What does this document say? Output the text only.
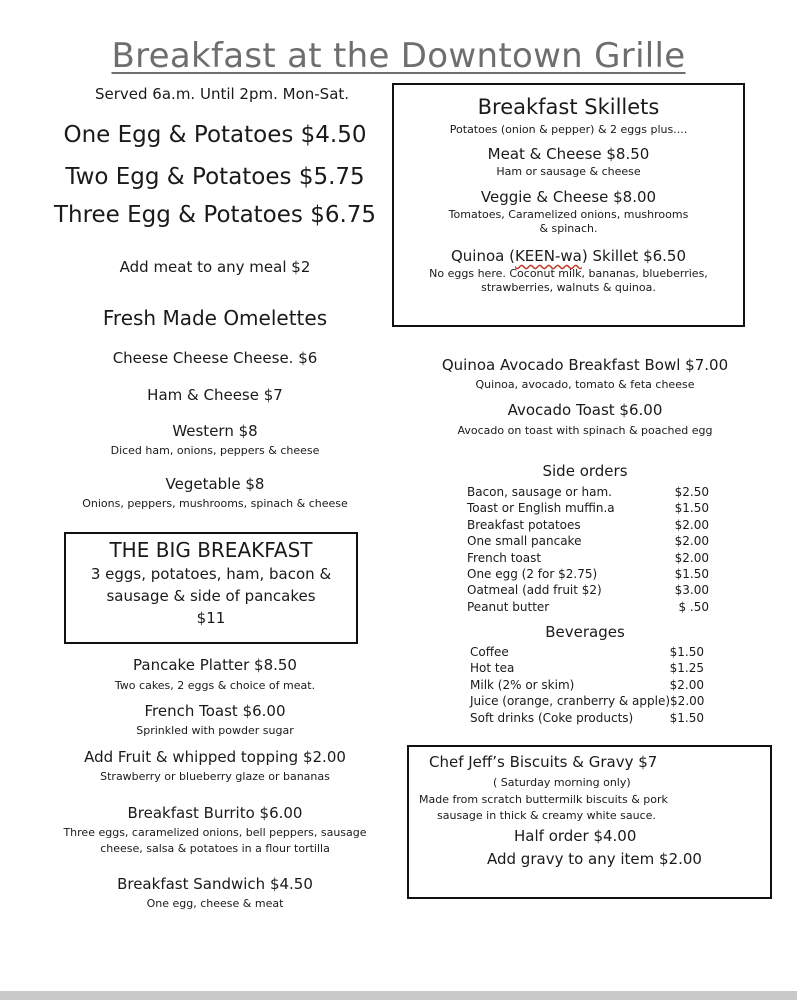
Breakfast at the Downtown Grille
Served 6a.m. Until 2pm. Mon-Sat.
One Egg & Potatoes $4.50
Two Egg & Potatoes $5.75
Three Egg & Potatoes $6.75
Add meat to any meal $2
Fresh Made Omelettes
Cheese Cheese Cheese. $6
Ham & Cheese $7
Western $8
Diced ham, onions, peppers & cheese
Vegetable $8
Onions, peppers, mushrooms, spinach & cheese
THE BIG BREAKFAST
3 eggs, potatoes, ham, bacon &
sausage & side of pancakes
$11
Pancake Platter $8.50
Two cakes, 2 eggs & choice of meat.
French Toast $6.00
Sprinkled with powder sugar
Add Fruit & whipped topping $2.00
Strawberry or blueberry glaze or bananas
Breakfast Burrito $6.00
Three eggs, caramelized onions, bell peppers, sausage
cheese, salsa & potatoes in a flour tortilla
Breakfast Sandwich $4.50
One egg, cheese & meat
Breakfast Skillets
Potatoes (onion & pepper) & 2 eggs plus....
Meat & Cheese $8.50
Ham or sausage & cheese
Veggie & Cheese $8.00
Tomatoes, Caramelized onions, mushrooms
& spinach.
Quinoa (KEEN-wa) Skillet $6.50
No eggs here. Coconut milk, bananas, blueberries,
strawberries, walnuts & quinoa.
Quinoa Avocado Breakfast Bowl $7.00
Quinoa, avocado, tomato & feta cheese
Avocado Toast $6.00
Avocado on toast with spinach & poached egg
Side orders
Bacon, sausage or ham.	$2.50
Toast or English muffin.a	$1.50
Breakfast potatoes	$2.00
One small pancake	$2.00
French toast	$2.00
One egg (2 for $2.75)	$1.50
Oatmeal (add fruit $2)	$3.00
Peanut butter	$ .50
Beverages
Coffee	$1.50
Hot tea	$1.25
Milk (2% or skim)	$2.00
Juice (orange, cranberry & apple) $2.00
Soft drinks (Coke products)	$1.50
Chef Jeff’s Biscuits & Gravy $7
( Saturday morning only)
Made from scratch buttermilk biscuits & pork
sausage in thick & creamy white sauce.
Half order $4.00
Add gravy to any item $2.00
